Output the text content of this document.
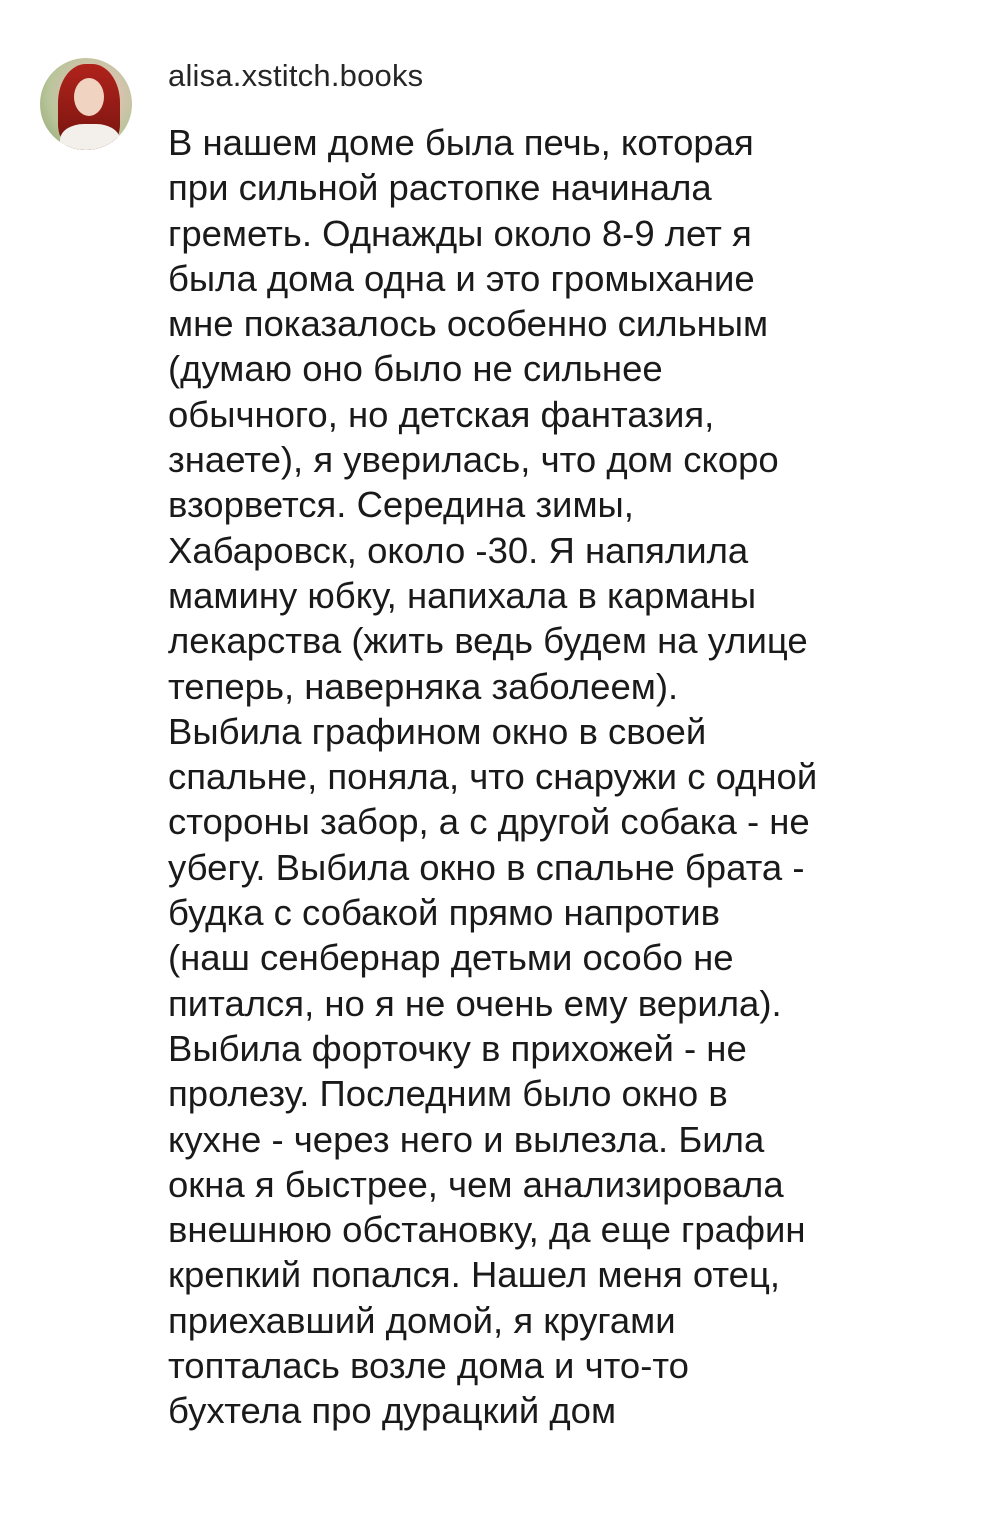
alisa.xstitch.books
В нашем доме была печь, которая
при сильной растопке начинала
греметь. Однажды около 8-9 лет я
была дома одна и это громыхание
мне показалось особенно сильным
(думаю оно было не сильнее
обычного, но детская фантазия,
знаете), я уверилась, что дом скоро
взорвется. Середина зимы,
Хабаровск, около -30. Я напялила
мамину юбку, напихала в карманы
лекарства (жить ведь будем на улице
теперь, наверняка заболеем).
Выбила графином окно в своей
спальне, поняла, что снаружи с одной
стороны забор, а с другой собака - не
убегу. Выбила окно в спальне брата -
будка с собакой прямо напротив
(наш сенбернар детьми особо не
питался, но я не очень ему верила).
Выбила форточку в прихожей - не
пролезу. Последним было окно в
кухне - через него и вылезла. Била
окна я быстрее, чем анализировала
внешнюю обстановку, да еще графин
крепкий попался. Нашел меня отец,
приехавший домой, я кругами
топталась возле дома и что-то
бухтела про дурацкий дом
